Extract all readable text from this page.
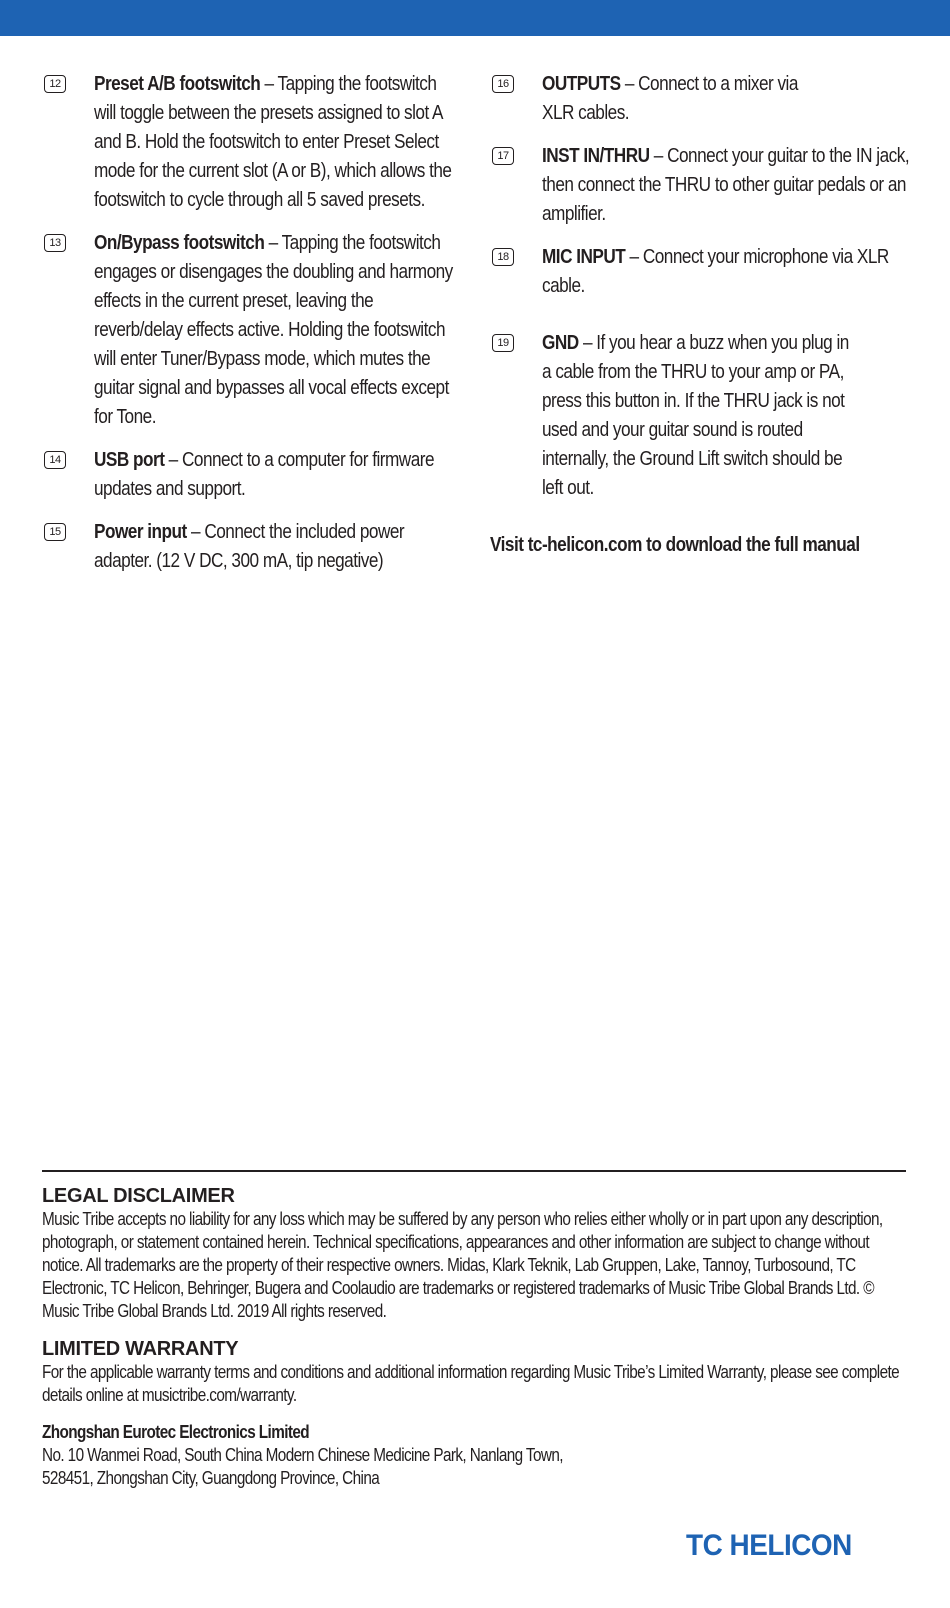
12 Preset A/B footswitch – Tapping the footswitch will toggle between the presets assigned to slot A and B. Hold the footswitch to enter Preset Select mode for the current slot (A or B), which allows the footswitch to cycle through all 5 saved presets.
13 On/Bypass footswitch – Tapping the footswitch engages or disengages the doubling and harmony effects in the current preset, leaving the reverb/delay effects active. Holding the footswitch will enter Tuner/Bypass mode, which mutes the guitar signal and bypasses all vocal effects except for Tone.
14 USB port – Connect to a computer for firmware updates and support.
15 Power input – Connect the included power adapter. (12 V DC, 300 mA, tip negative)
16 OUTPUTS – Connect to a mixer via XLR cables.
17 INST IN/THRU – Connect your guitar to the IN jack, then connect the THRU to other guitar pedals or an amplifier.
18 MIC INPUT – Connect your microphone via XLR cable.
19 GND – If you hear a buzz when you plug in a cable from the THRU to your amp or PA, press this button in. If the THRU jack is not used and your guitar sound is routed internally, the Ground Lift switch should be left out.
Visit tc-helicon.com to download the full manual
LEGAL DISCLAIMER
Music Tribe accepts no liability for any loss which may be suffered by any person who relies either wholly or in part upon any description, photograph, or statement contained herein. Technical specifications, appearances and other information are subject to change without notice. All trademarks are the property of their respective owners. Midas, Klark Teknik, Lab Gruppen, Lake, Tannoy, Turbosound, TC Electronic, TC Helicon, Behringer, Bugera and Coolaudio are trademarks or registered trademarks of Music Tribe Global Brands Ltd. © Music Tribe Global Brands Ltd. 2019 All rights reserved.
LIMITED WARRANTY
For the applicable warranty terms and conditions and additional information regarding Music Tribe’s Limited Warranty, please see complete details online at musictribe.com/warranty.
Zhongshan Eurotec Electronics Limited
No. 10 Wanmei Road, South China Modern Chinese Medicine Park, Nanlang Town,
528451, Zhongshan City, Guangdong Province, China
TC HELICON
